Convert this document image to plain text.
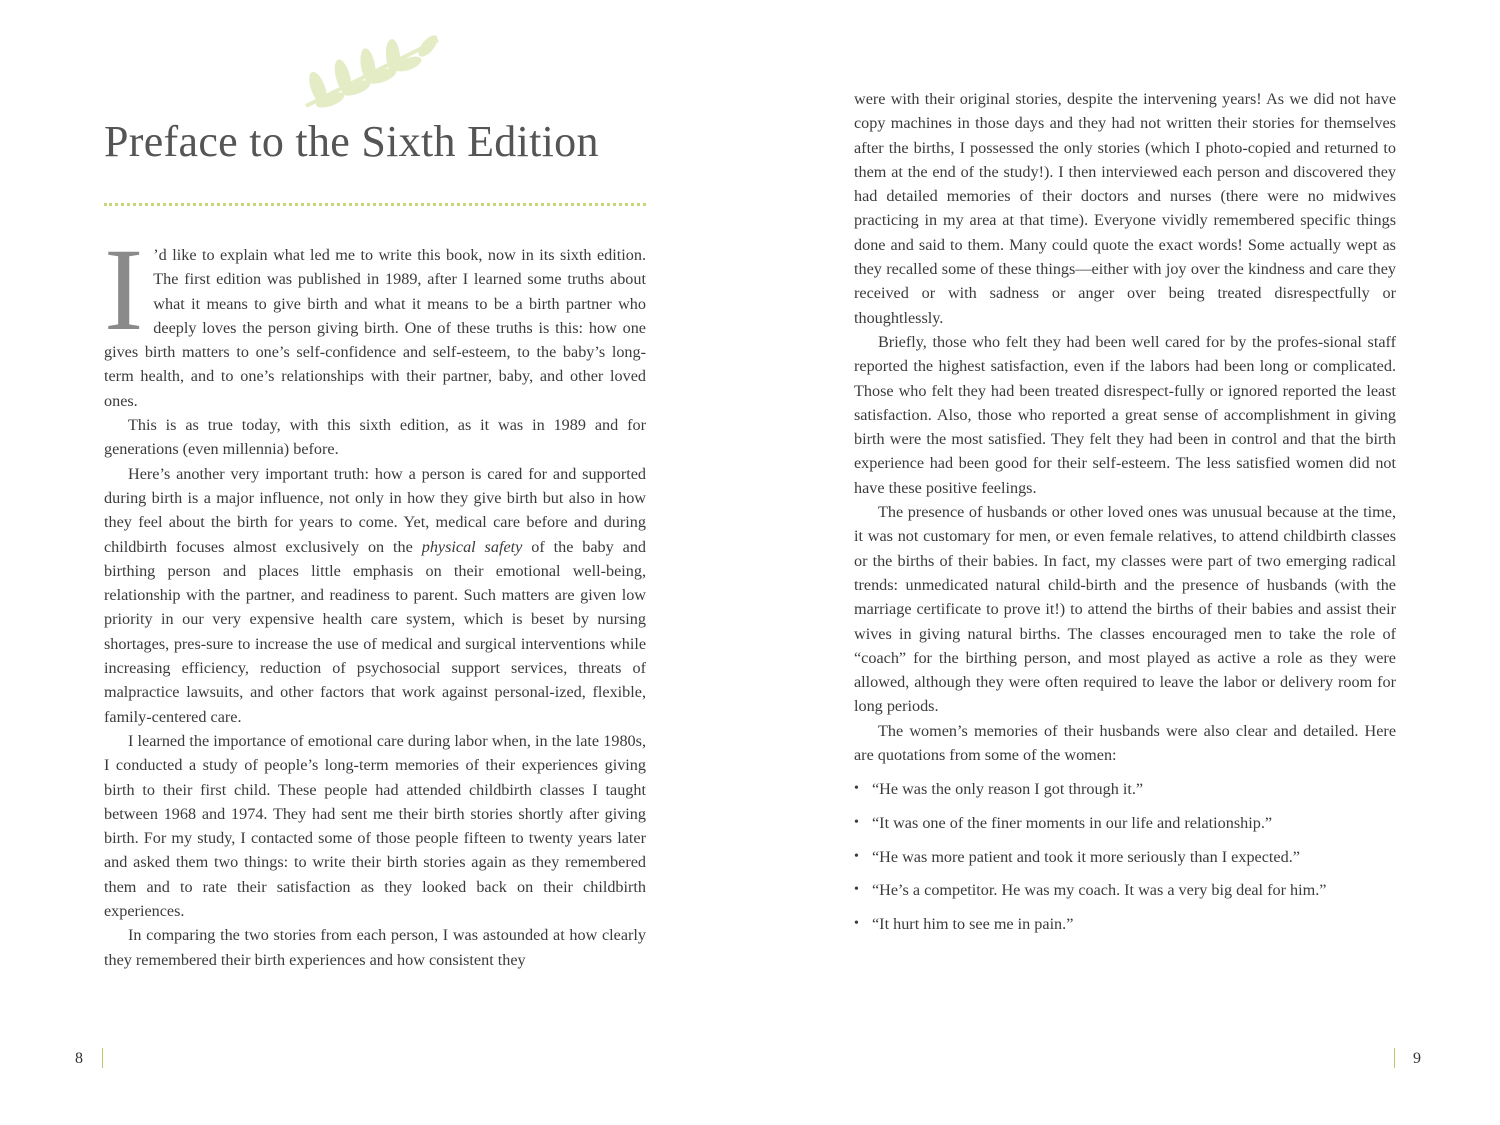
Preface to the Sixth Edition

I ’d like to explain what led me to write this book, now in its sixth edition. The first edition was published in 1989, after I learned some truths about what it means to give birth and what it means to be a birth partner who deeply loves the person giving birth. One of these truths is this: how one gives birth matters to one’s self-confidence and self-esteem, to the baby’s long-term health, and to one’s relationships with their partner, baby, and other loved ones.

This is as true today, with this sixth edition, as it was in 1989 and for generations (even millennia) before.

Here’s another very important truth: how a person is cared for and supported during birth is a major influence, not only in how they give birth but also in how they feel about the birth for years to come. Yet, medical care before and during childbirth focuses almost exclusively on the physical safety of the baby and birthing person and places little emphasis on their emotional well-being, relationship with the partner, and readiness to parent. Such matters are given low priority in our very expensive health care system, which is beset by nursing shortages, pres-sure to increase the use of medical and surgical interventions while increasing efficiency, reduction of psychosocial support services, threats of malpractice lawsuits, and other factors that work against personal-ized, flexible, family-centered care.

I learned the importance of emotional care during labor when, in the late 1980s, I conducted a study of people’s long-term memories of their experiences giving birth to their first child. These people had attended childbirth classes I taught between 1968 and 1974. They had sent me their birth stories shortly after giving birth. For my study, I contacted some of those people fifteen to twenty years later and asked them two things: to write their birth stories again as they remembered them and to rate their satisfaction as they looked back on their childbirth experiences.

In comparing the two stories from each person, I was astounded at how clearly they remembered their birth experiences and how consistent they

8

were with their original stories, despite the intervening years! As we did not have copy machines in those days and they had not written their stories for themselves after the births, I possessed the only stories (which I photo-copied and returned to them at the end of the study!). I then interviewed each person and discovered they had detailed memories of their doctors and nurses (there were no midwives practicing in my area at that time). Everyone vividly remembered specific things done and said to them. Many could quote the exact words! Some actually wept as they recalled some of these things—either with joy over the kindness and care they received or with sadness or anger over being treated disrespectfully or thoughtlessly.

Briefly, those who felt they had been well cared for by the profes-sional staff reported the highest satisfaction, even if the labors had been long or complicated. Those who felt they had been treated disrespect-fully or ignored reported the least satisfaction. Also, those who reported a great sense of accomplishment in giving birth were the most satisfied. They felt they had been in control and that the birth experience had been good for their self-esteem. The less satisfied women did not have these positive feelings.

The presence of husbands or other loved ones was unusual because at the time, it was not customary for men, or even female relatives, to attend childbirth classes or the births of their babies. In fact, my classes were part of two emerging radical trends: unmedicated natural child-birth and the presence of husbands (with the marriage certificate to prove it!) to attend the births of their babies and assist their wives in giving natural births. The classes encouraged men to take the role of “coach” for the birthing person, and most played as active a role as they were allowed, although they were often required to leave the labor or delivery room for long periods.

The women’s memories of their husbands were also clear and detailed. Here are quotations from some of the women:

• “He was the only reason I got through it.”
• “It was one of the finer moments in our life and relationship.”
• “He was more patient and took it more seriously than I expected.”
• “He’s a competitor. He was my coach. It was a very big deal for him.”
• “It hurt him to see me in pain.”
9
